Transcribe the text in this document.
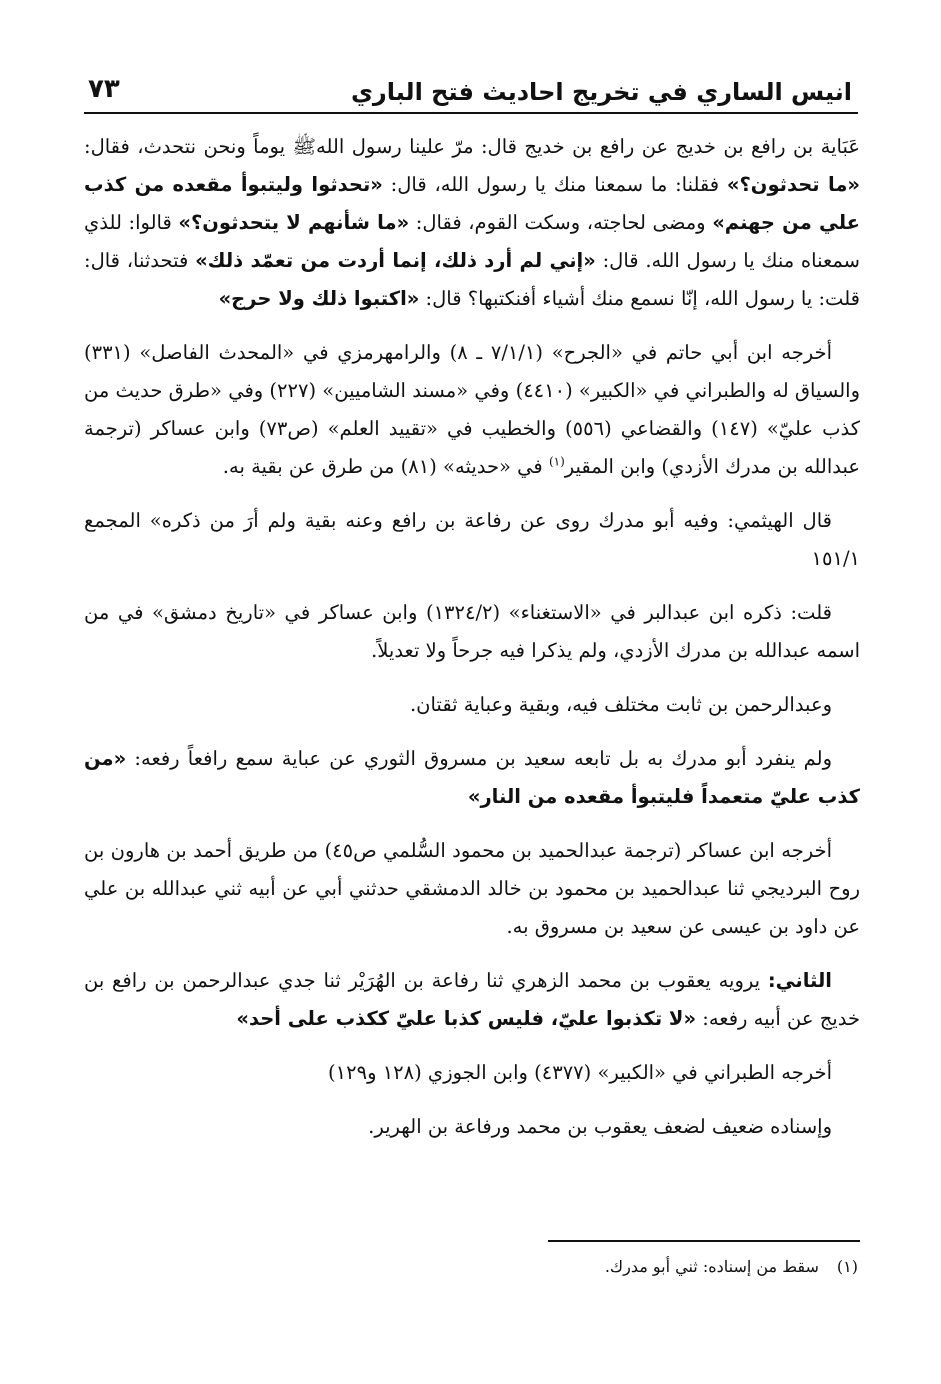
انيس الساري في تخريج احاديث فتح الباري
٧٣

عَبَاية بن رافع بن خديج عن رافع بن خديج قال: مرّ علينا رسول اللهﷺ يوماً ونحن نتحدث، فقال: «ما تحدثون؟» فقلنا: ما سمعنا منك يا رسول الله، قال: «تحدثوا وليتبوأ مقعده من كذب علي من جهنم» ومضى لحاجته، وسكت القوم، فقال: «ما شأنهم لا يتحدثون؟» قالوا: للذي سمعناه منك يا رسول الله. قال: «إني لم أرد ذلك، إنما أردت من تعمّد ذلك» فتحدثنا، قال: قلت: يا رسول الله، إنّا نسمع منك أشياء أفنكتبها؟ قال: «اكتبوا ذلك ولا حرج»

أخرجه ابن أبي حاتم في «الجرح» (٧/١/١ ـ ٨) والرامهرمزي في «المحدث الفاصل» (٣٣١) والسياق له والطبراني في «الكبير» (٤٤١٠) وفي «مسند الشاميين» (٢٢٧) وفي «طرق حديث من كذب عليّ» (١٤٧) والقضاعي (٥٥٦) والخطيب في «تقييد العلم» (ص٧٣) وابن عساكر (ترجمة عبدالله بن مدرك الأزدي) وابن المقير$^{(١)}$ في «حديثه» (٨١) من طرق عن بقية به.

قال الهيثمي: وفيه أبو مدرك روى عن رفاعة بن رافع وعنه بقية ولم أرَ من ذكره» المجمع ١٥١/١

قلت: ذكره ابن عبدالبر في «الاستغناء» (١٣٢٤/٢) وابن عساكر في «تاريخ دمشق» في من اسمه عبدالله بن مدرك الأزدي، ولم يذكرا فيه جرحاً ولا تعديلاً.

وعبدالرحمن بن ثابت مختلف فيه، وبقية وعباية ثقتان.

ولم ينفرد أبو مدرك به بل تابعه سعيد بن مسروق الثوري عن عباية سمع رافعاً رفعه: «من كذب عليّ متعمداً فليتبوأ مقعده من النار»

أخرجه ابن عساكر (ترجمة عبدالحميد بن محمود السُّلمي ص٤٥) من طريق أحمد بن هارون بن روح البرديجي ثنا عبدالحميد بن محمود بن خالد الدمشقي حدثني أبي عن أبيه ثني عبدالله بن علي عن داود بن عيسى عن سعيد بن مسروق به.

الثاني: يرويه يعقوب بن محمد الزهري ثنا رفاعة بن الهُرَيْر ثنا جدي عبدالرحمن بن رافع بن خديج عن أبيه رفعه: «لا تكذبوا عليّ، فليس كذبا عليّ ككذب على أحد»

أخرجه الطبراني في «الكبير» (٤٣٧٧) وابن الجوزي (١٢٨ و١٢٩)

وإسناده ضعيف لضعف يعقوب بن محمد ورفاعة بن الهرير.

(١)سقط من إسناده: ثني أبو مدرك.
